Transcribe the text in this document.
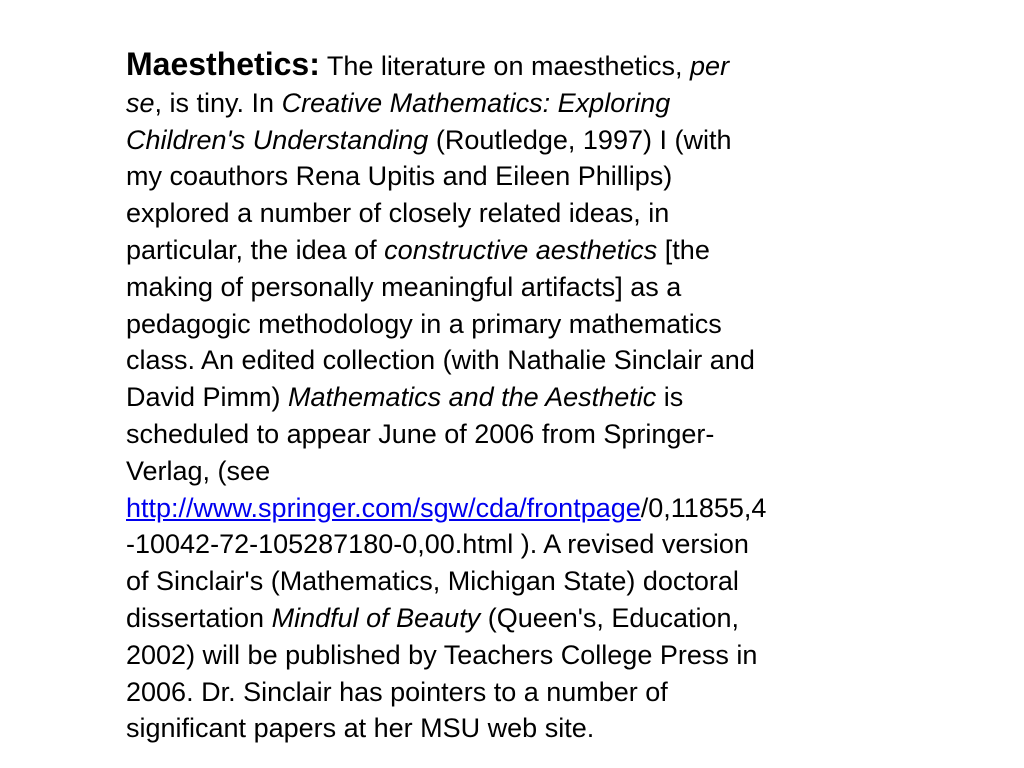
Maesthetics: The literature on maesthetics, per
se, is tiny. In Creative Mathematics: Exploring
Children's Understanding (Routledge, 1997) I (with
my coauthors Rena Upitis and Eileen Phillips)
explored a number of closely related ideas, in
particular, the idea of constructive aesthetics [the
making of personally meaningful artifacts] as a
pedagogic methodology in a primary mathematics
class. An edited collection (with Nathalie Sinclair and
David Pimm) Mathematics and the Aesthetic is
scheduled to appear June of 2006 from Springer-
Verlag, (see
http://www.springer.com/sgw/cda/frontpage/0,11855,4
-10042-72-105287180-0,00.html ). A revised version
of Sinclair's (Mathematics, Michigan State) doctoral
dissertation Mindful of Beauty (Queen's, Education,
2002) will be published by Teachers College Press in
2006. Dr. Sinclair has pointers to a number of
significant papers at her MSU web site.
